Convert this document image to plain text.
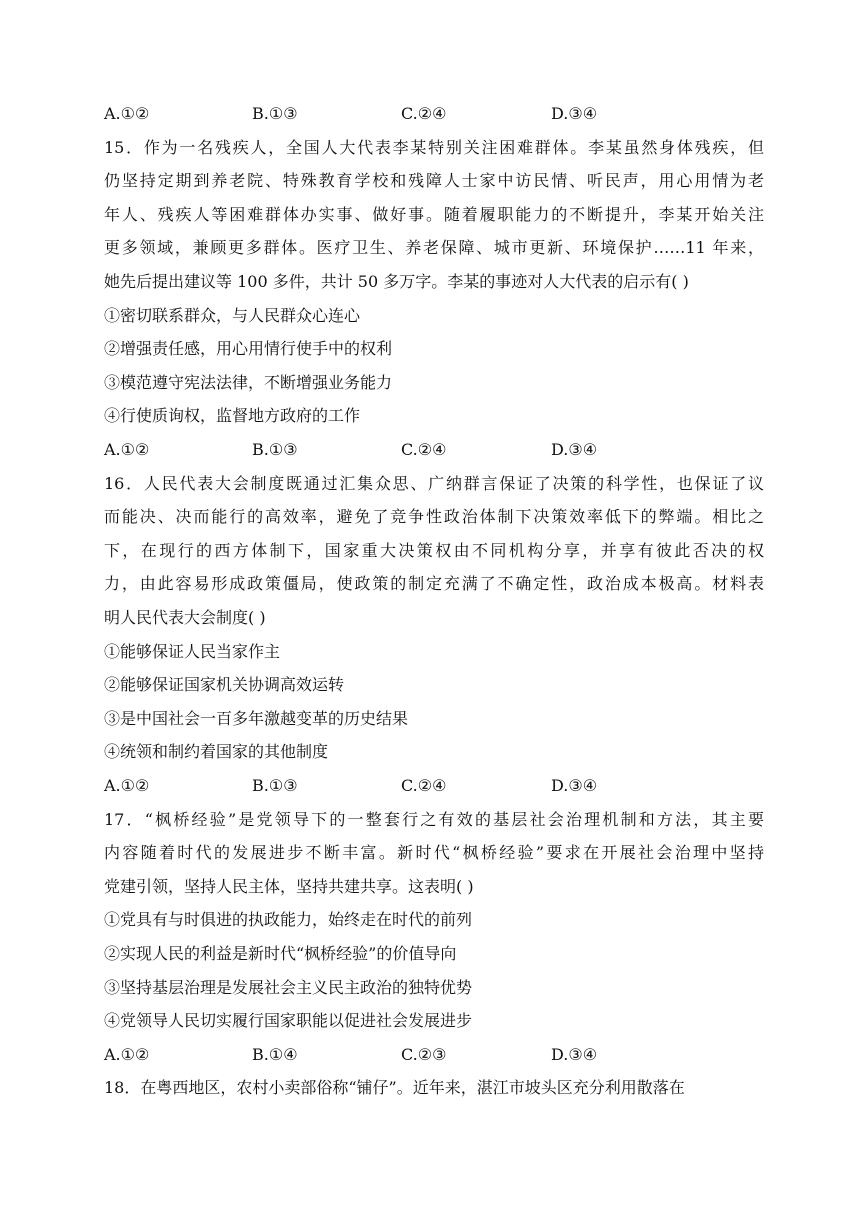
A.①②	B.①③	C.②④	D.③④
15．作为一名残疾人，全国人大代表李某特别关注困难群体。李某虽然身体残疾，但
仍坚持定期到养老院、特殊教育学校和残障人士家中访民情、听民声，用心用情为老
年人、残疾人等困难群体办实事、做好事。随着履职能力的不断提升，李某开始关注
更多领域，兼顾更多群体。医疗卫生、养老保障、城市更新、环境保护……11 年来，
她先后提出建议等 100 多件，共计 50 多万字。李某的事迹对人大代表的启示有( )
①密切联系群众，与人民群众心连心
②增强责任感，用心用情行使手中的权利
③模范遵守宪法法律，不断增强业务能力
④行使质询权，监督地方政府的工作
A.①②	B.①③	C.②④	D.③④
16．人民代表大会制度既通过汇集众思、广纳群言保证了决策的科学性，也保证了议
而能决、决而能行的高效率，避免了竞争性政治体制下决策效率低下的弊端。相比之
下，在现行的西方体制下，国家重大决策权由不同机构分享，并享有彼此否决的权
力，由此容易形成政策僵局，使政策的制定充满了不确定性，政治成本极高。材料表
明人民代表大会制度( )
①能够保证人民当家作主
②能够保证国家机关协调高效运转
③是中国社会一百多年激越变革的历史结果
④统领和制约着国家的其他制度
A.①②	B.①③	C.②④	D.③④
17．“枫桥经验”是党领导下的一整套行之有效的基层社会治理机制和方法，其主要
内容随着时代的发展进步不断丰富。新时代“枫桥经验”要求在开展社会治理中坚持
党建引领，坚持人民主体，坚持共建共享。这表明( )
①党具有与时俱进的执政能力，始终走在时代的前列
②实现人民的利益是新时代“枫桥经验”的价值导向
③坚持基层治理是发展社会主义民主政治的独特优势
④党领导人民切实履行国家职能以促进社会发展进步
A.①②	B.①④	C.②③	D.③④
18．在粤西地区，农村小卖部俗称“铺仔”。近年来，湛江市坡头区充分利用散落在
